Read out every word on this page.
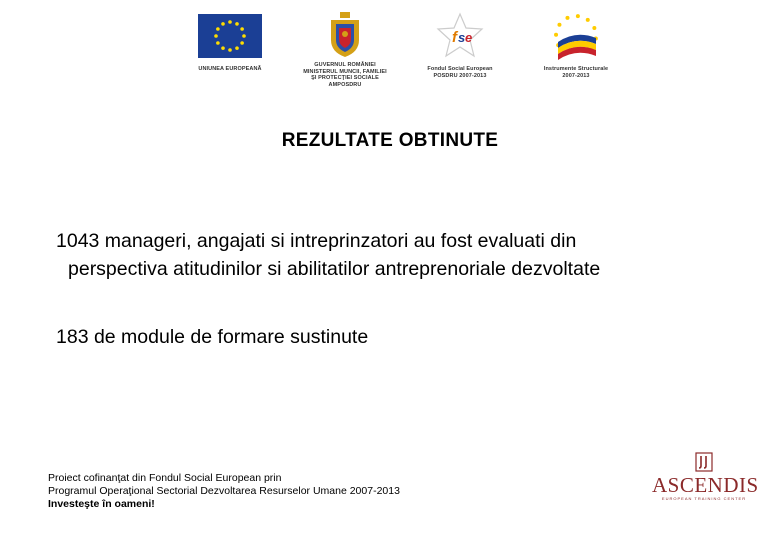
UNIUNEA EUROPEANĂ
GUVERNUL ROMÂNIEI
MINISTERUL MUNCII, FAMILIEI
ŞI PROTECŢIEI SOCIALE
AMPOSDRU
f s e
Fondul Social European
POSDRU 2007-2013
Instrumente Structurale
2007-2013
REZULTATE OBTINUTE
1043 manageri, angajati si intreprinzatori au fost evaluati din
perspectiva atitudinilor si abilitatilor antreprenoriale dezvoltate
183 de module de formare sustinute
Proiect cofinanţat din Fondul Social European prin
Programul Operaţional Sectorial Dezvoltarea Resurselor Umane 2007-2013
Investeşte în oameni!
ASCENDIS
EUROPEAN TRAINING CENTER
